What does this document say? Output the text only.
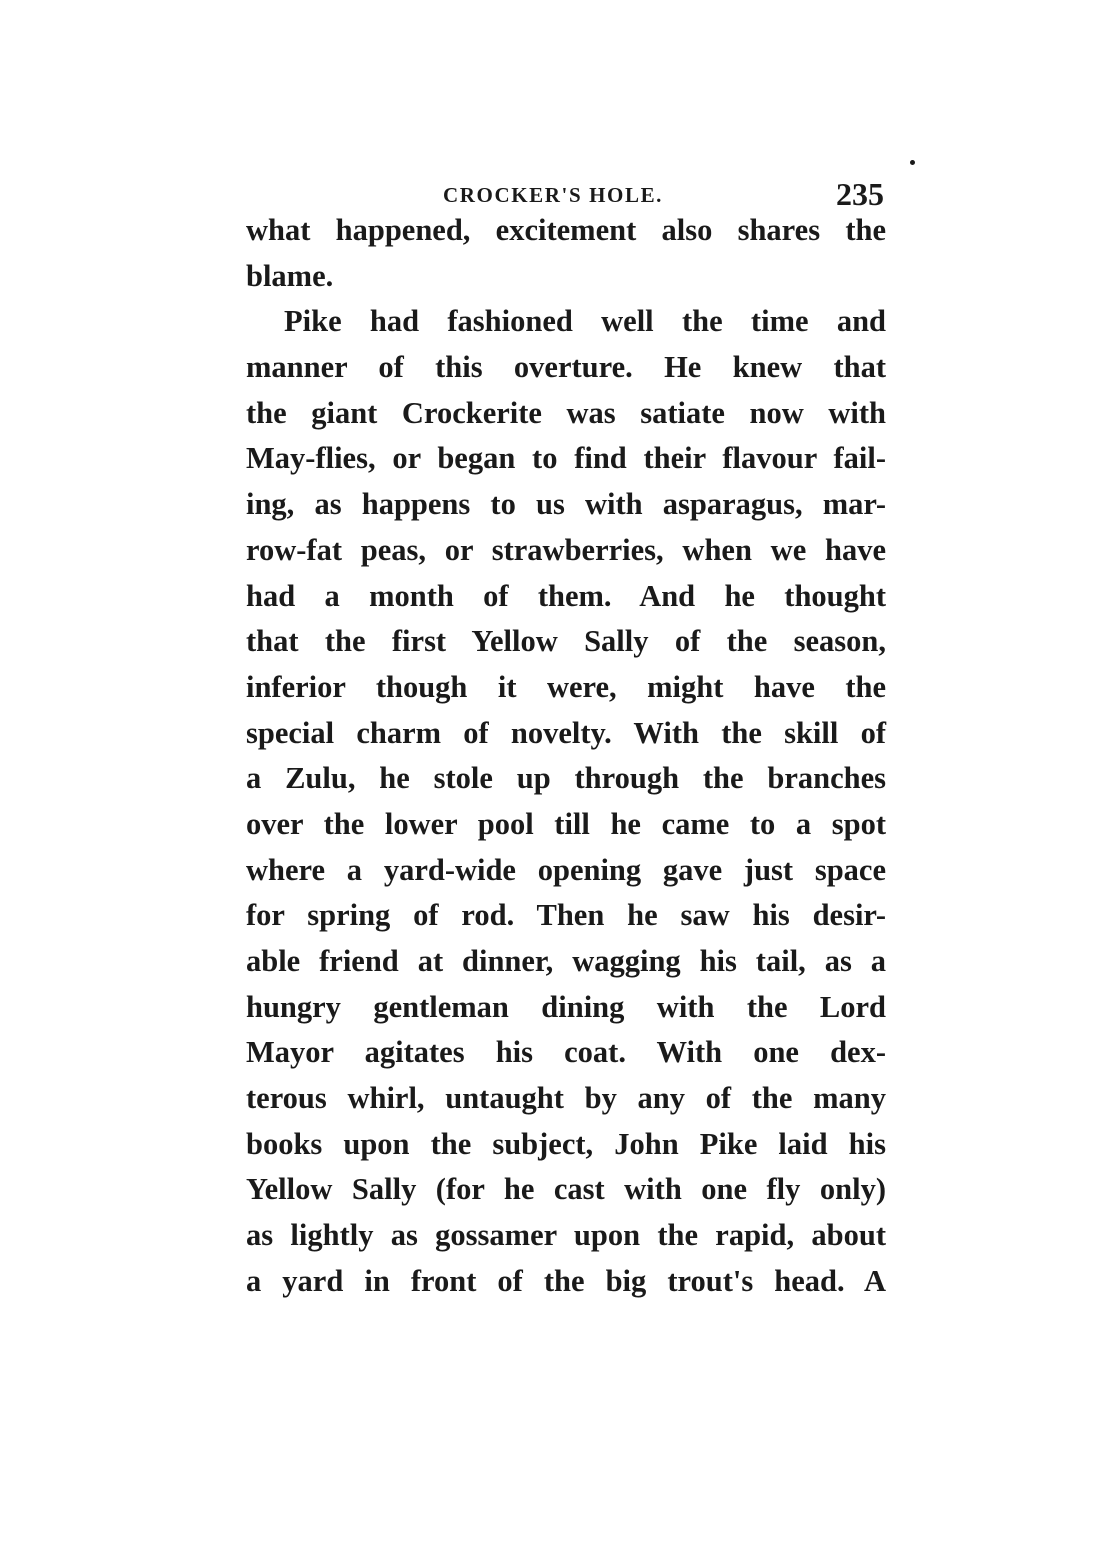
CROCKER'S HOLE.	235
what happened, excitement also shares the
blame.
Pike had fashioned well the time and
manner of this overture. He knew that
the giant Crockerite was satiate now with
May-flies, or began to find their flavour fail-
ing, as happens to us with asparagus, mar-
row-fat peas, or strawberries, when we have
had a month of them. And he thought
that the first Yellow Sally of the season,
inferior though it were, might have the
special charm of novelty. With the skill of
a Zulu, he stole up through the branches
over the lower pool till he came to a spot
where a yard-wide opening gave just space
for spring of rod. Then he saw his desir-
able friend at dinner, wagging his tail, as a
hungry gentleman dining with the Lord
Mayor agitates his coat. With one dex-
terous whirl, untaught by any of the many
books upon the subject, John Pike laid his
Yellow Sally (for he cast with one fly only)
as lightly as gossamer upon the rapid, about
a yard in front of the big trout's head. A
